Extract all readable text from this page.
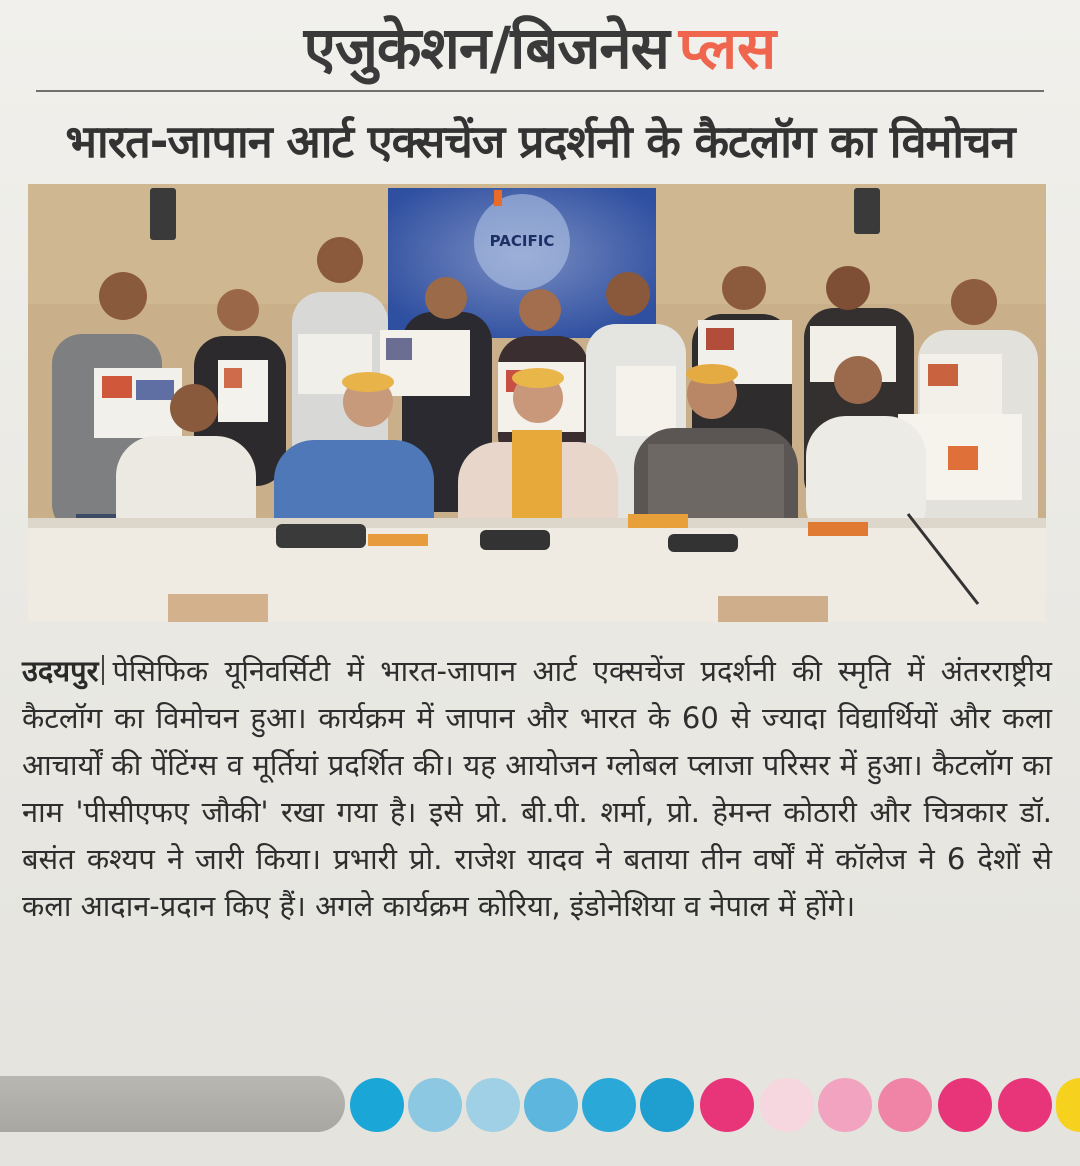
एजुकेशन/बिजनेस प्लस
भारत-जापान आर्ट एक्सचेंज प्रदर्शनी के कैटलॉग का विमोचन
PACIFIC
उदयपुर पेसिफिक यूनिवर्सिटी में भारत-जापान आर्ट एक्सचेंज प्रदर्शनी की स्मृति में अंतरराष्ट्रीय कैटलॉग का विमोचन हुआ। कार्यक्रम में जापान और भारत के 60 से ज्यादा विद्यार्थियों और कला आचार्यों की पेंटिंग्स व मूर्तियां प्रदर्शित की। यह आयोजन ग्लोबल प्लाजा परिसर में हुआ। कैटलॉग का नाम 'पीसीएफए जौकी' रखा गया है। इसे प्रो. बी.पी. शर्मा, प्रो. हेमन्त कोठारी और चित्रकार डॉ. बसंत कश्यप ने जारी किया। प्रभारी प्रो. राजेश यादव ने बताया तीन वर्षों में कॉलेज ने 6 देशों से कला आदान-प्रदान किए हैं। अगले कार्यक्रम कोरिया, इंडोनेशिया व नेपाल में होंगे।
